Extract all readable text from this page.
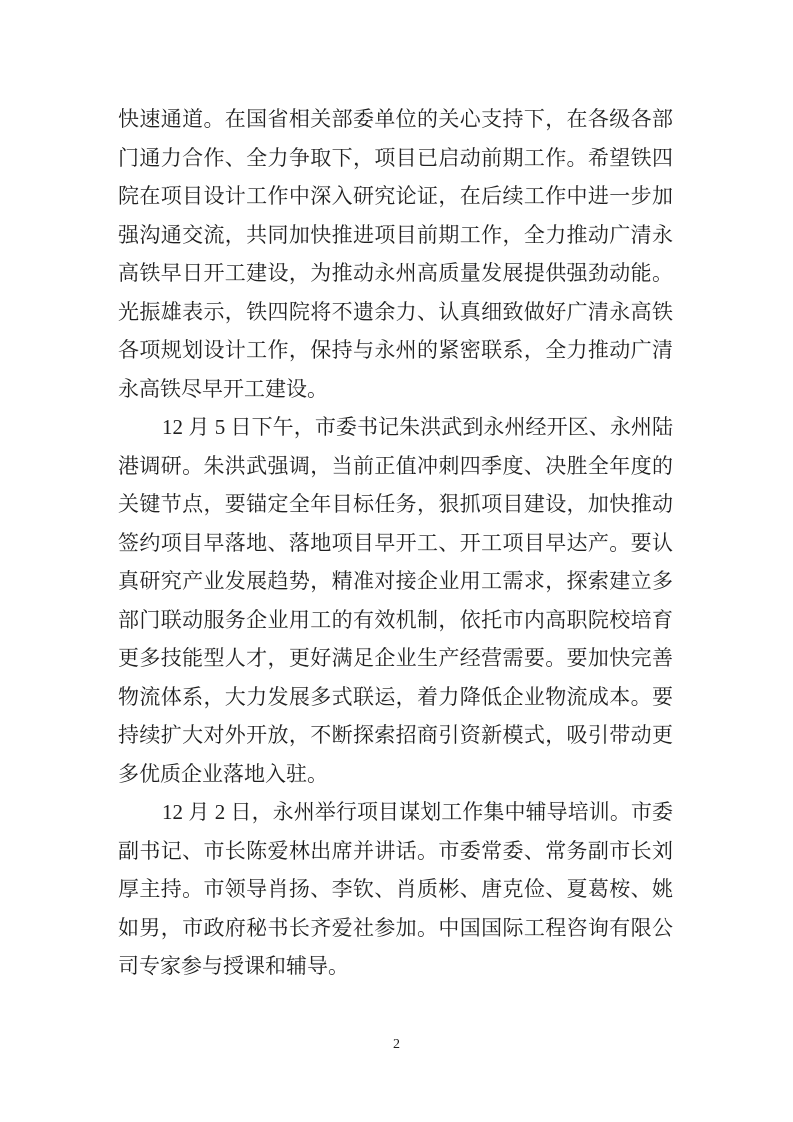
快速通道。在国省相关部委单位的关心支持下，在各级各部
门通力合作、全力争取下，项目已启动前期工作。希望铁四
院在项目设计工作中深入研究论证，在后续工作中进一步加
强沟通交流，共同加快推进项目前期工作，全力推动广清永
高铁早日开工建设，为推动永州高质量发展提供强劲动能。
光振雄表示，铁四院将不遗余力、认真细致做好广清永高铁
各项规划设计工作，保持与永州的紧密联系，全力推动广清
永高铁尽早开工建设。
12 月 5 日下午，市委书记朱洪武到永州经开区、永州陆
港调研。朱洪武强调，当前正值冲刺四季度、决胜全年度的
关键节点，要锚定全年目标任务，狠抓项目建设，加快推动
签约项目早落地、落地项目早开工、开工项目早达产。要认
真研究产业发展趋势，精准对接企业用工需求，探索建立多
部门联动服务企业用工的有效机制，依托市内高职院校培育
更多技能型人才，更好满足企业生产经营需要。要加快完善
物流体系，大力发展多式联运，着力降低企业物流成本。要
持续扩大对外开放，不断探索招商引资新模式，吸引带动更
多优质企业落地入驻。
12 月 2 日，永州举行项目谋划工作集中辅导培训。市委
副书记、市长陈爱林出席并讲话。市委常委、常务副市长刘
厚主持。市领导肖扬、李钦、肖质彬、唐克俭、夏葛桉、姚
如男，市政府秘书长齐爱社参加。中国国际工程咨询有限公
司专家参与授课和辅导。
2
